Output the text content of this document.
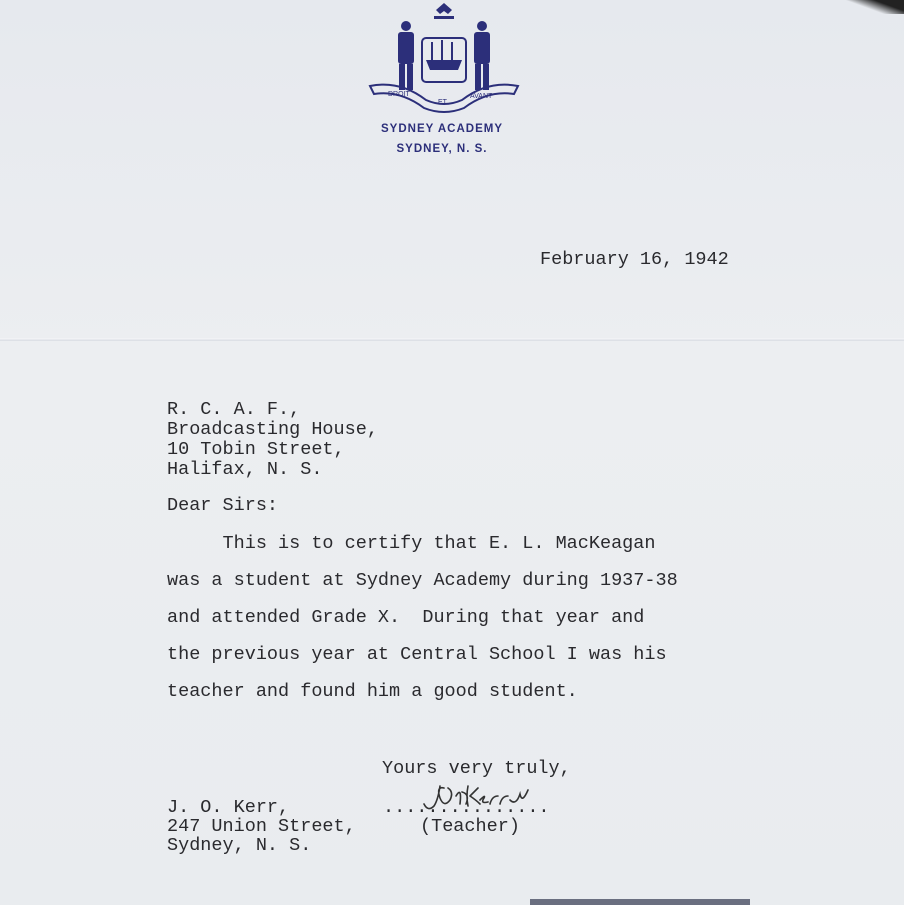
DROIT
ET
AVANT
SYDNEY ACADEMY
SYDNEY, N. S.
February 16, 1942
R. C. A. F.,
Broadcasting House,
10 Tobin Street,
Halifax, N. S.
Dear Sirs:
This is to certify that E. L. MacKeagan
was a student at Sydney Academy during 1937-38
and attended Grade X.  During that year and
the previous year at Central School I was his
teacher and found him a good student.
Yours very truly,
J. O. Kerr,
247 Union Street,
Sydney, N. S.
...............
(Teacher)
